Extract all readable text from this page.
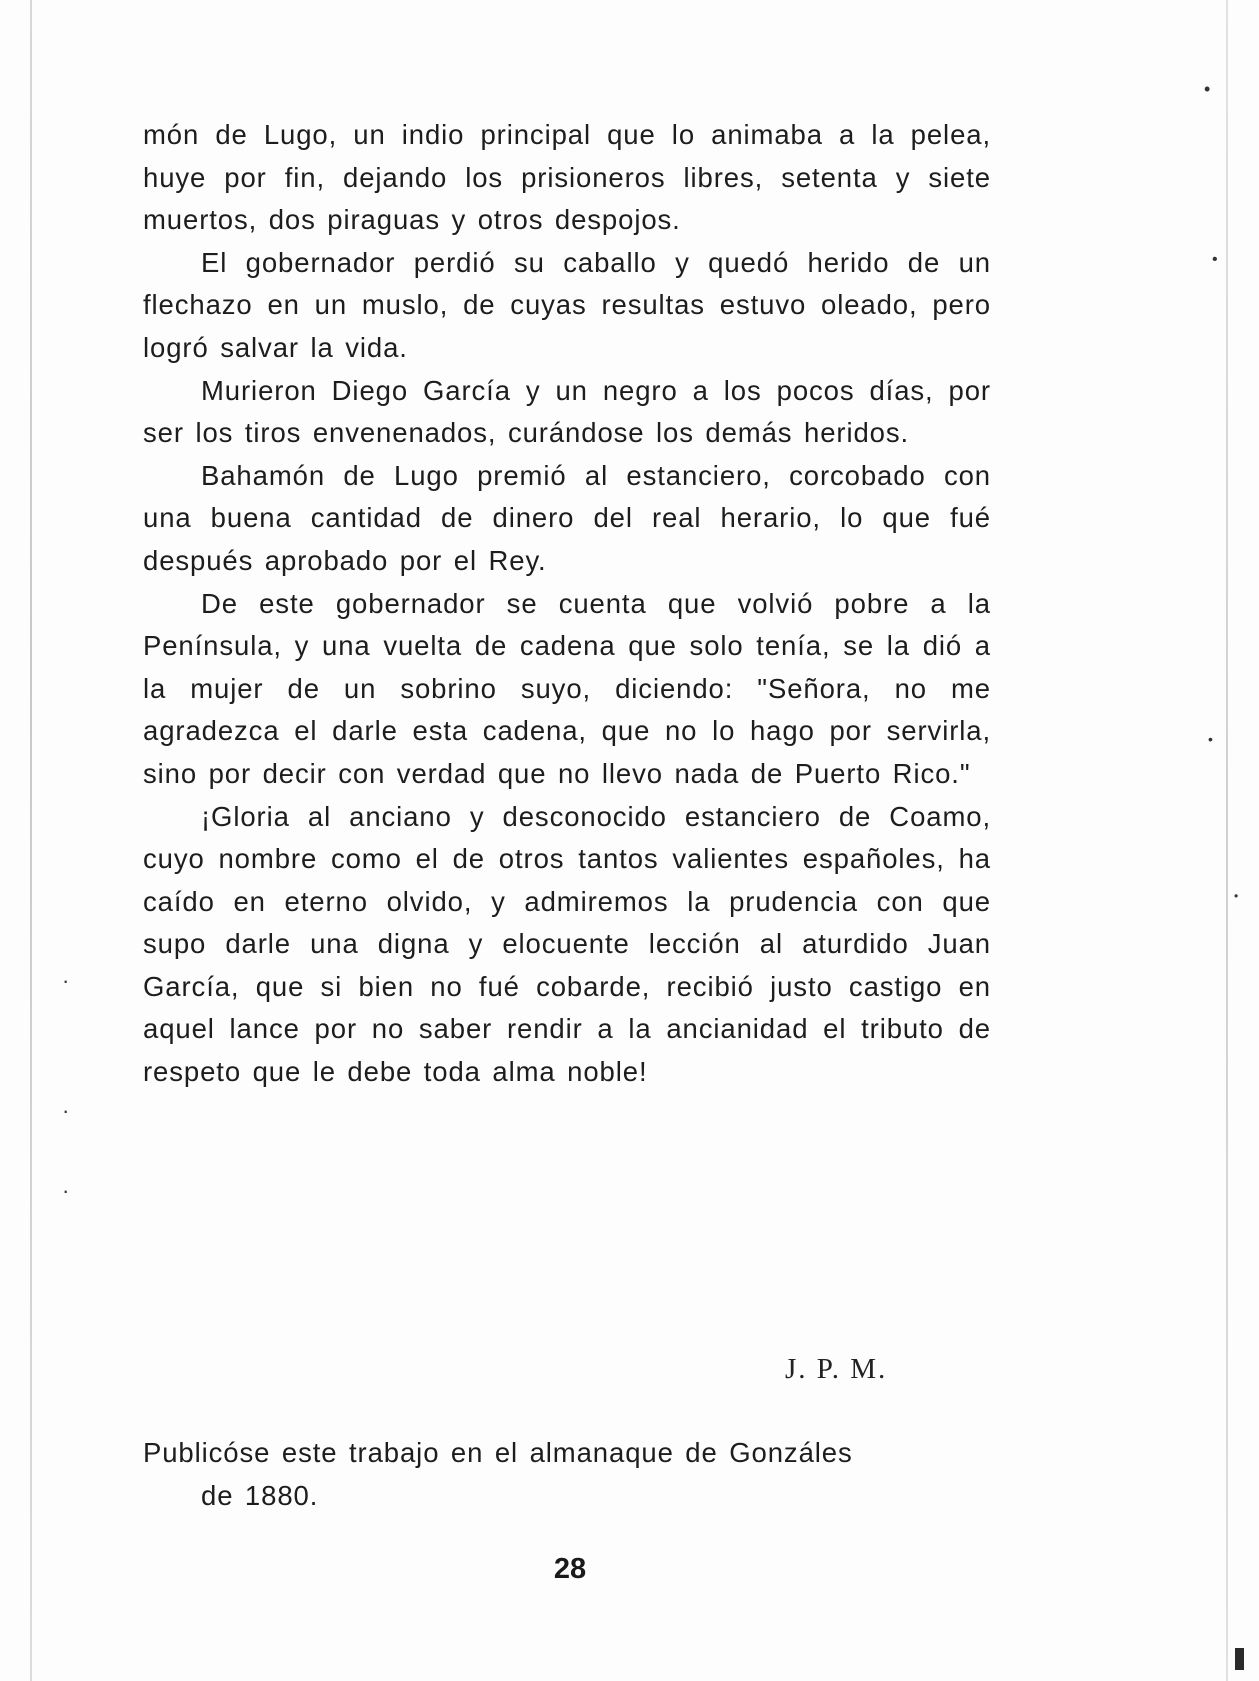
•
•
•
•
·
·
·

món de Lugo, un indio principal que lo animaba a la pelea, huye por fin, dejando los prisioneros libres, setenta y siete muertos, dos piraguas y otros despojos.

El gobernador perdió su caballo y quedó herido de un flechazo en un muslo, de cuyas resultas estuvo oleado, pero logró salvar la vida.

Murieron Diego García y un negro a los pocos días, por ser los tiros envenenados, curándose los demás heridos.

Bahamón de Lugo premió al estanciero, corcobado con una buena cantidad de dinero del real herario, lo que fué después aprobado por el Rey.

De este gobernador se cuenta que volvió pobre a la Península, y una vuelta de cadena que solo tenía, se la dió a la mujer de un sobrino suyo, diciendo: "Señora, no me agradezca el darle esta cadena, que no lo hago por servirla, sino por decir con verdad que no llevo nada de Puerto Rico."

¡Gloria al anciano y desconocido estanciero de Coamo, cuyo nombre como el de otros tantos valientes españoles, ha caído en eterno olvido, y admiremos la prudencia con que supo darle una digna y elocuente lección al aturdido Juan García, que si bien no fué cobarde, recibió justo castigo en aquel lance por no saber rendir a la ancianidad el tributo de respeto que le debe toda alma noble!

J. P. M.
Publicóse este trabajo en el almanaque de Gonzáles
de 1880.
28
